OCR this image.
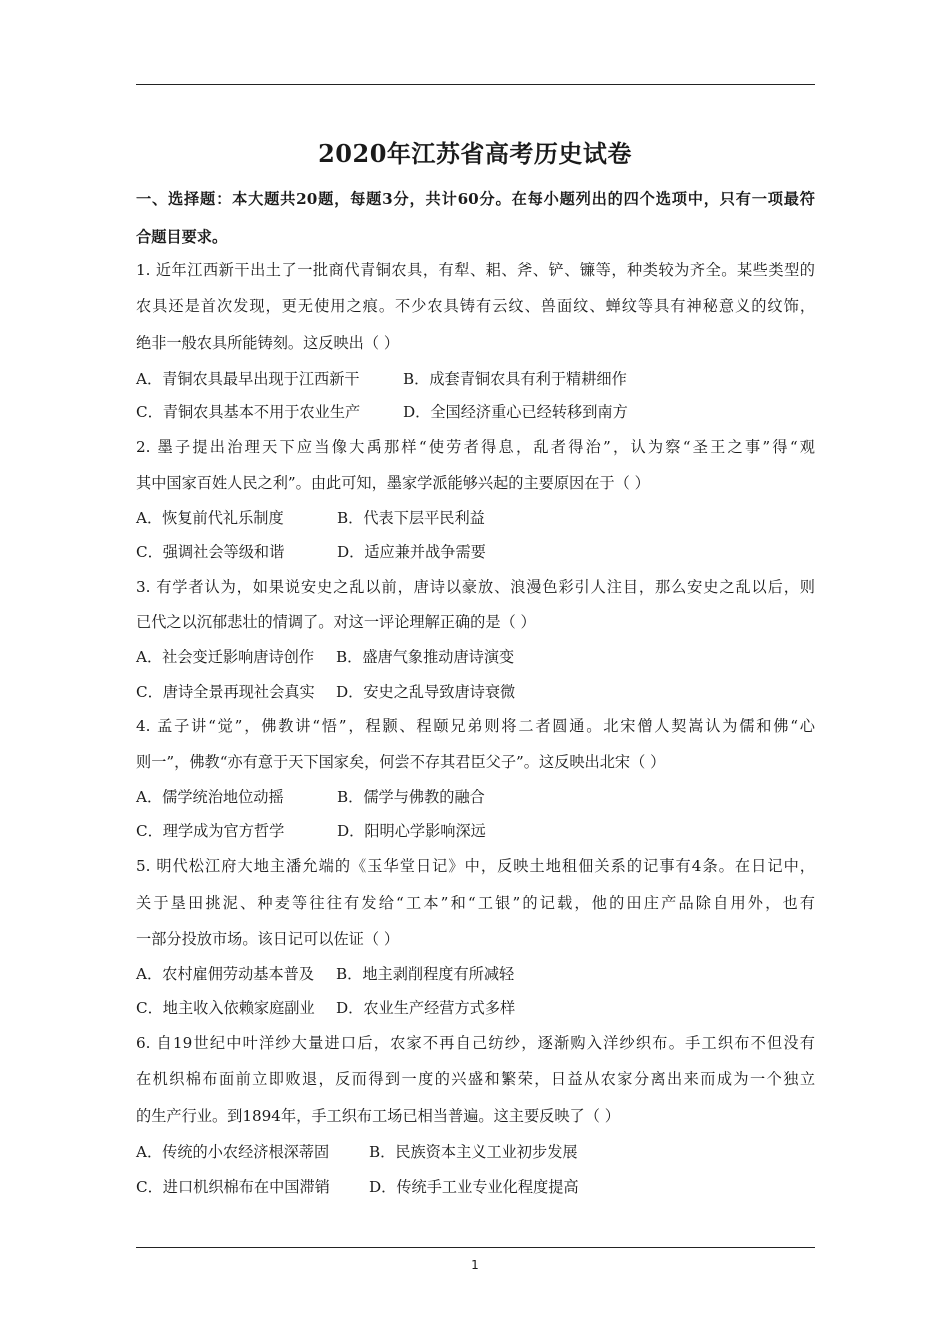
2020年江苏省高考历史试卷
一、选择题：本大题共20题，每题3分，共计60分。在每小题列出的四个选项中，只有一项最符
合题目要求。
1. 近年江西新干出土了一批商代青铜农具，有犁、耜、斧、铲、镰等，种类较为齐全。某些类型的
农具还是首次发现，更无使用之痕。不少农具铸有云纹、兽面纹、蝉纹等具有神秘意义的纹饰，
绝非一般农具所能铸刻。这反映出（ ）
A．青铜农具最早出现于江西新干	B．成套青铜农具有利于精耕细作
C．青铜农具基本不用于农业生产	D．全国经济重心已经转移到南方
2. 墨子提出治理天下应当像大禹那样“使劳者得息，乱者得治”，认为察“圣王之事”得“观
其中国家百姓人民之利”。由此可知，墨家学派能够兴起的主要原因在于（ ）
A．恢复前代礼乐制度	B．代表下层平民利益
C．强调社会等级和谐	D．适应兼并战争需要
3. 有学者认为，如果说安史之乱以前，唐诗以豪放、浪漫色彩引人注目，那么安史之乱以后，则
已代之以沉郁悲壮的情调了。对这一评论理解正确的是（ ）
A．社会变迁影响唐诗创作 B．盛唐气象推动唐诗演变
C．唐诗全景再现社会真实 D．安史之乱导致唐诗衰微
4. 孟子讲“觉”，佛教讲“悟”，程颢、程颐兄弟则将二者圆通。北宋僧人契嵩认为儒和佛“心
则一”，佛教“亦有意于天下国家矣，何尝不存其君臣父子”。这反映出北宋（ ）
A．儒学统治地位动摇	B．儒学与佛教的融合
C．理学成为官方哲学	D．阳明心学影响深远
5. 明代松江府大地主潘允端的《玉华堂日记》中，反映土地租佃关系的记事有4条。在日记中，
关于垦田挑泥、种麦等往往有发给“工本”和“工银”的记载，他的田庄产品除自用外，也有
一部分投放市场。该日记可以佐证（ ）
A．农村雇佣劳动基本普及 B．地主剥削程度有所减轻
C．地主收入依赖家庭副业 D．农业生产经营方式多样
6. 自19世纪中叶洋纱大量进口后，农家不再自己纺纱，逐渐购入洋纱织布。手工织布不但没有
在机织棉布面前立即败退，反而得到一度的兴盛和繁荣，日益从农家分离出来而成为一个独立
的生产行业。到1894年，手工织布工场已相当普遍。这主要反映了（ ）
A．传统的小农经济根深蒂固	B．民族资本主义工业初步发展
C．进口机织棉布在中国滞销	D．传统手工业专业化程度提高
1
